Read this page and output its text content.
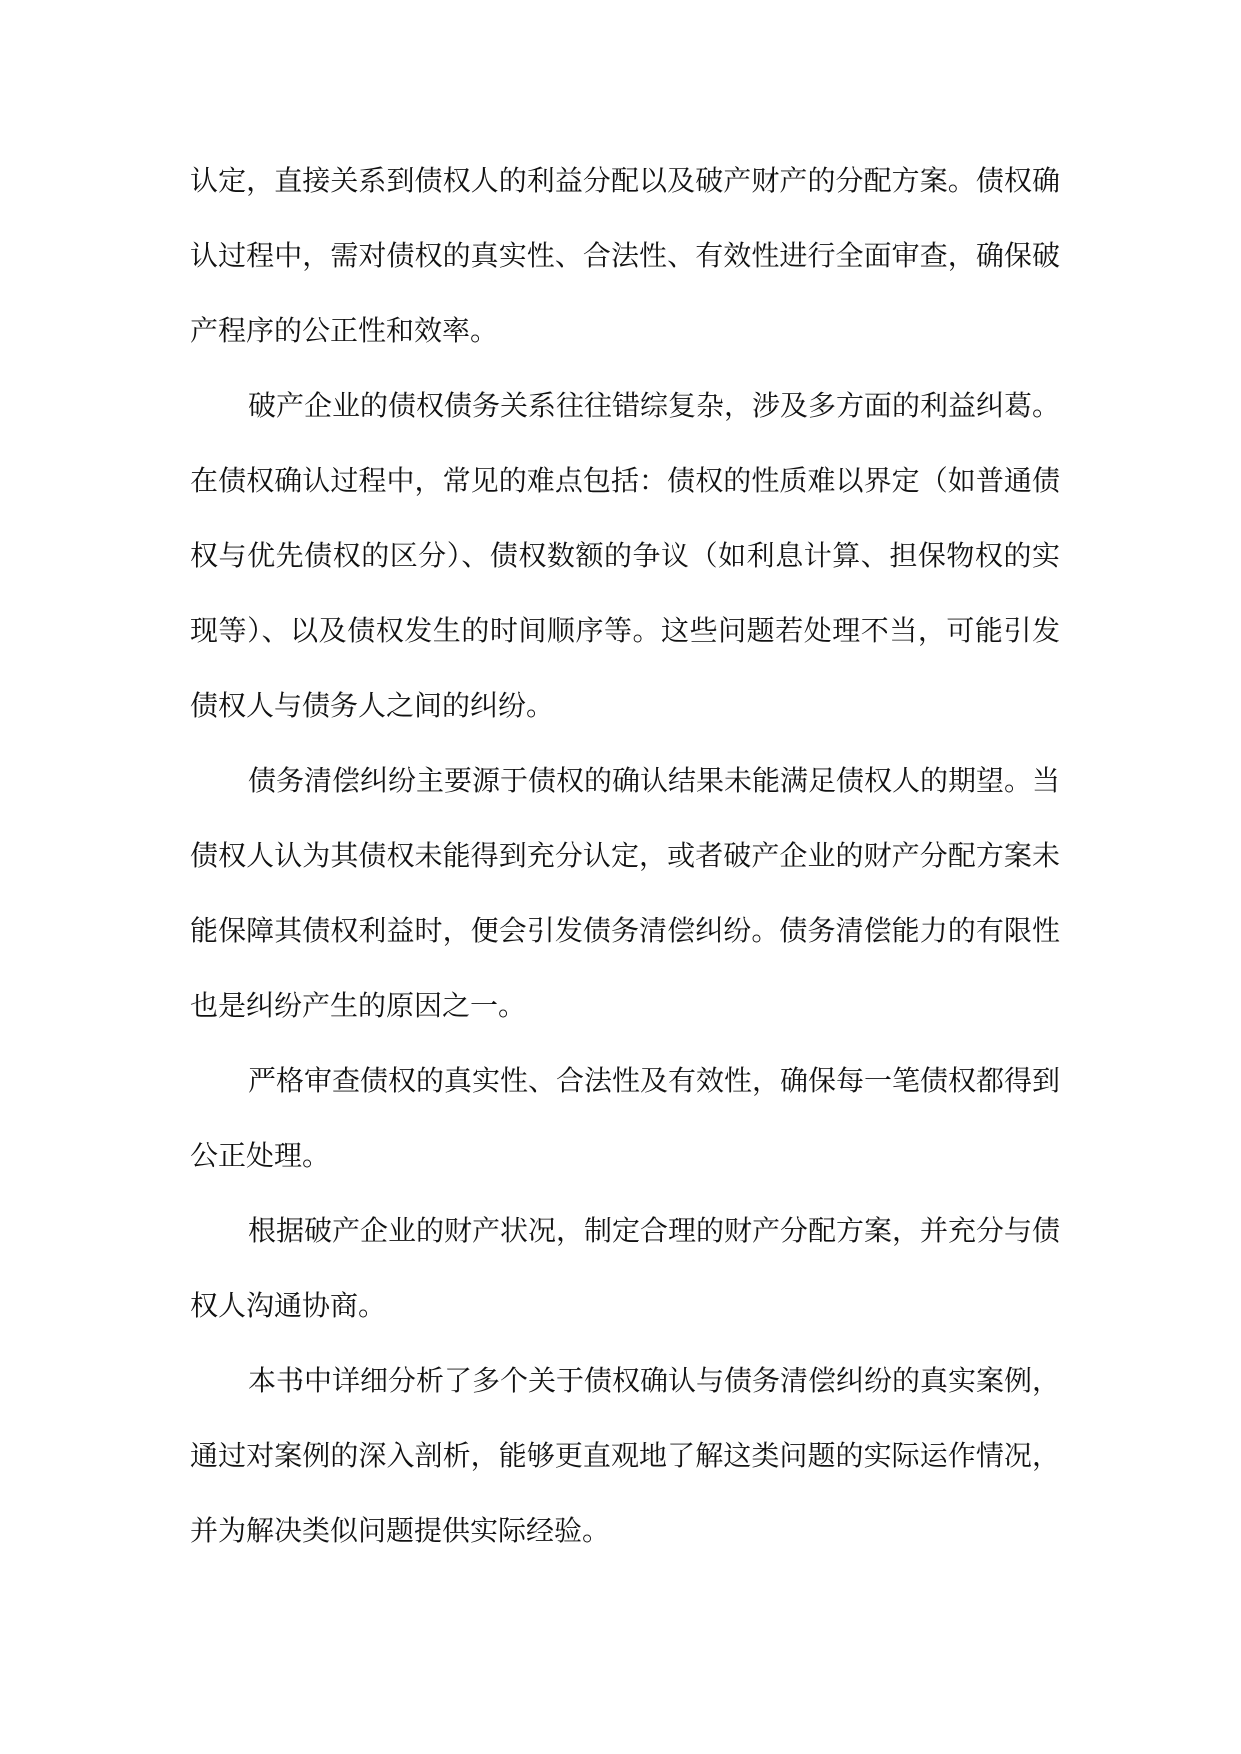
认定，直接关系到债权人的利益分配以及破产财产的分配方案。债权确认过程中，需对债权的真实性、合法性、有效性进行全面审查，确保破产程序的公正性和效率。

破产企业的债权债务关系往往错综复杂，涉及多方面的利益纠葛。在债权确认过程中，常见的难点包括：债权的性质难以界定（如普通债权与优先债权的区分）、债权数额的争议（如利息计算、担保物权的实现等）、以及债权发生的时间顺序等。这些问题若处理不当，可能引发债权人与债务人之间的纠纷。

债务清偿纠纷主要源于债权的确认结果未能满足债权人的期望。当债权人认为其债权未能得到充分认定，或者破产企业的财产分配方案未能保障其债权利益时，便会引发债务清偿纠纷。债务清偿能力的有限性也是纠纷产生的原因之一。

严格审查债权的真实性、合法性及有效性，确保每一笔债权都得到公正处理。

根据破产企业的财产状况，制定合理的财产分配方案，并充分与债权人沟通协商。

本书中详细分析了多个关于债权确认与债务清偿纠纷的真实案例，通过对案例的深入剖析，能够更直观地了解这类问题的实际运作情况，并为解决类似问题提供实际经验。
